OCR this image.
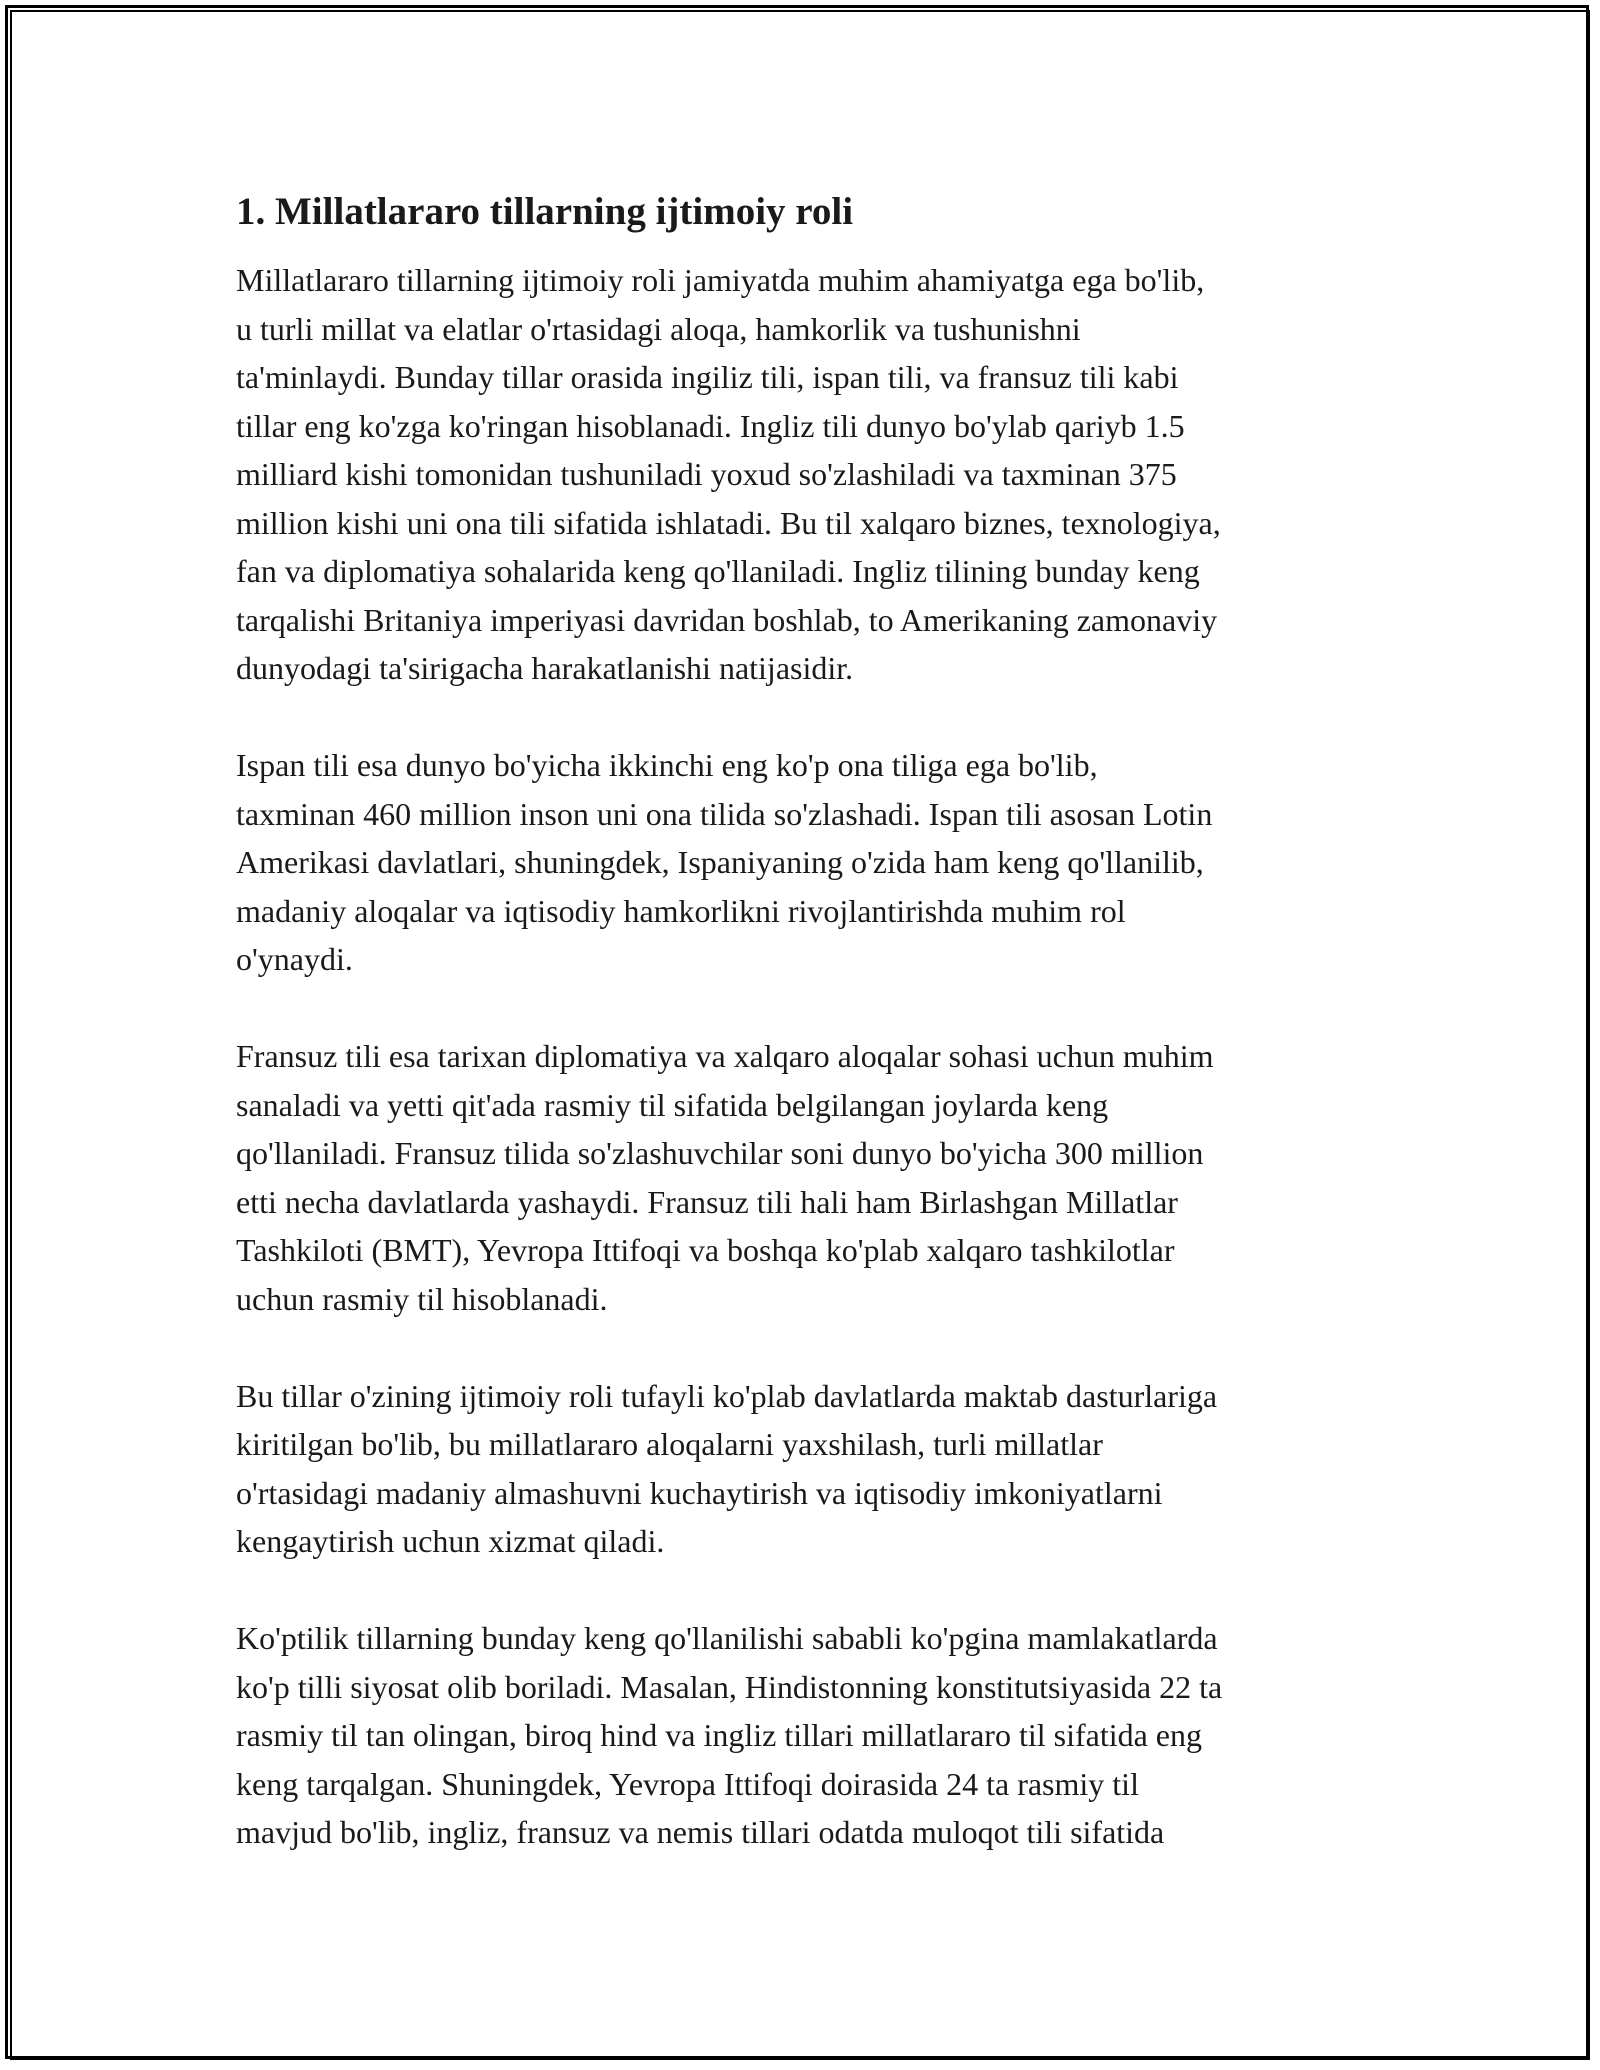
1. Millatlararo tillarning ijtimoiy roli

Millatlararo tillarning ijtimoiy roli jamiyatda muhim ahamiyatga ega bo'lib,
u turli millat va elatlar o'rtasidagi aloqa, hamkorlik va tushunishni
ta'minlaydi. Bunday tillar orasida ingiliz tili, ispan tili, va fransuz tili kabi
tillar eng ko'zga ko'ringan hisoblanadi. Ingliz tili dunyo bo'ylab qariyb 1.5
milliard kishi tomonidan tushuniladi yoxud so'zlashiladi va taxminan 375
million kishi uni ona tili sifatida ishlatadi. Bu til xalqaro biznes, texnologiya,
fan va diplomatiya sohalarida keng qo'llaniladi. Ingliz tilining bunday keng
tarqalishi Britaniya imperiyasi davridan boshlab, to Amerikaning zamonaviy
dunyodagi ta'sirigacha harakatlanishi natijasidir.

Ispan tili esa dunyo bo'yicha ikkinchi eng ko'p ona tiliga ega bo'lib,
taxminan 460 million inson uni ona tilida so'zlashadi. Ispan tili asosan Lotin
Amerikasi davlatlari, shuningdek, Ispaniyaning o'zida ham keng qo'llanilib,
madaniy aloqalar va iqtisodiy hamkorlikni rivojlantirishda muhim rol
o'ynaydi.

Fransuz tili esa tarixan diplomatiya va xalqaro aloqalar sohasi uchun muhim
sanaladi va yetti qit'ada rasmiy til sifatida belgilangan joylarda keng
qo'llaniladi. Fransuz tilida so'zlashuvchilar soni dunyo bo'yicha 300 million
etti necha davlatlarda yashaydi. Fransuz tili hali ham Birlashgan Millatlar
Tashkiloti (BMT), Yevropa Ittifoqi va boshqa ko'plab xalqaro tashkilotlar
uchun rasmiy til hisoblanadi.

Bu tillar o'zining ijtimoiy roli tufayli ko'plab davlatlarda maktab dasturlariga
kiritilgan bo'lib, bu millatlararo aloqalarni yaxshilash, turli millatlar
o'rtasidagi madaniy almashuvni kuchaytirish va iqtisodiy imkoniyatlarni
kengaytirish uchun xizmat qiladi.

Ko'ptilik tillarning bunday keng qo'llanilishi sababli ko'pgina mamlakatlarda
ko'p tilli siyosat olib boriladi. Masalan, Hindistonning konstitutsiyasida 22 ta
rasmiy til tan olingan, biroq hind va ingliz tillari millatlararo til sifatida eng
keng tarqalgan. Shuningdek, Yevropa Ittifoqi doirasida 24 ta rasmiy til
mavjud bo'lib, ingliz, fransuz va nemis tillari odatda muloqot tili sifatida
